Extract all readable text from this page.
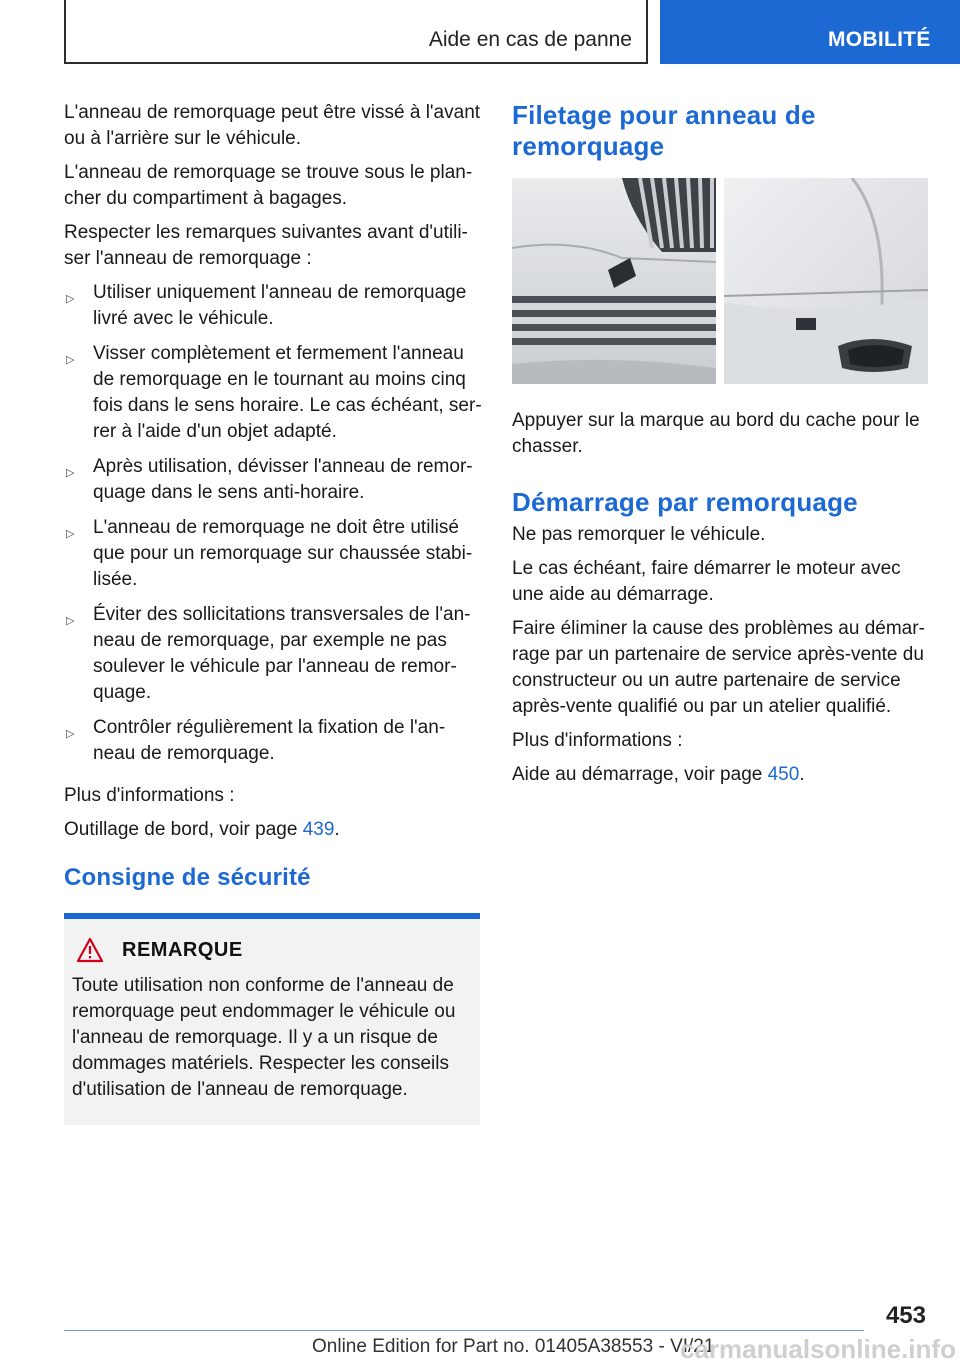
Aide en cas de panne	MOBILITÉ

L'anneau de remorquage peut être vissé à l'avant ou à l'arrière sur le véhicule.

L'anneau de remorquage se trouve sous le plan-cher du compartiment à bagages.

Respecter les remarques suivantes avant d'utili-ser l'anneau de remorquage :

▷ Utiliser uniquement l'anneau de remorquage livré avec le véhicule.
▷ Visser complètement et fermement l'anneau de remorquage en le tournant au moins cinq fois dans le sens horaire. Le cas échéant, ser-rer à l'aide d'un objet adapté.
▷ Après utilisation, dévisser l'anneau de remor-quage dans le sens anti-horaire.
▷ L'anneau de remorquage ne doit être utilisé que pour un remorquage sur chaussée stabi-lisée.
▷ Éviter des sollicitations transversales de l'an-neau de remorquage, par exemple ne pas soulever le véhicule par l'anneau de remor-quage.
▷ Contrôler régulièrement la fixation de l'an-neau de remorquage.

Plus d'informations :

Outillage de bord, voir page 439.

Consigne de sécurité
REMARQUE

Toute utilisation non conforme de l'anneau de remorquage peut endommager le véhicule ou l'anneau de remorquage. Il y a un risque de dommages matériels. Respecter les conseils d'utilisation de l'anneau de remorquage.

Filetage pour anneau de remorquage

Appuyer sur la marque au bord du cache pour le chasser.

Démarrage par remorquage

Ne pas remorquer le véhicule.

Le cas échéant, faire démarrer le moteur avec une aide au démarrage.

Faire éliminer la cause des problèmes au démar-rage par un partenaire de service après-vente du constructeur ou un autre partenaire de service après-vente qualifié ou par un atelier qualifié.

Plus d'informations :

Aide au démarrage, voir page 450.

453
Online Edition for Part no. 01405A38553 - VI/21
carmanualsonline.info
